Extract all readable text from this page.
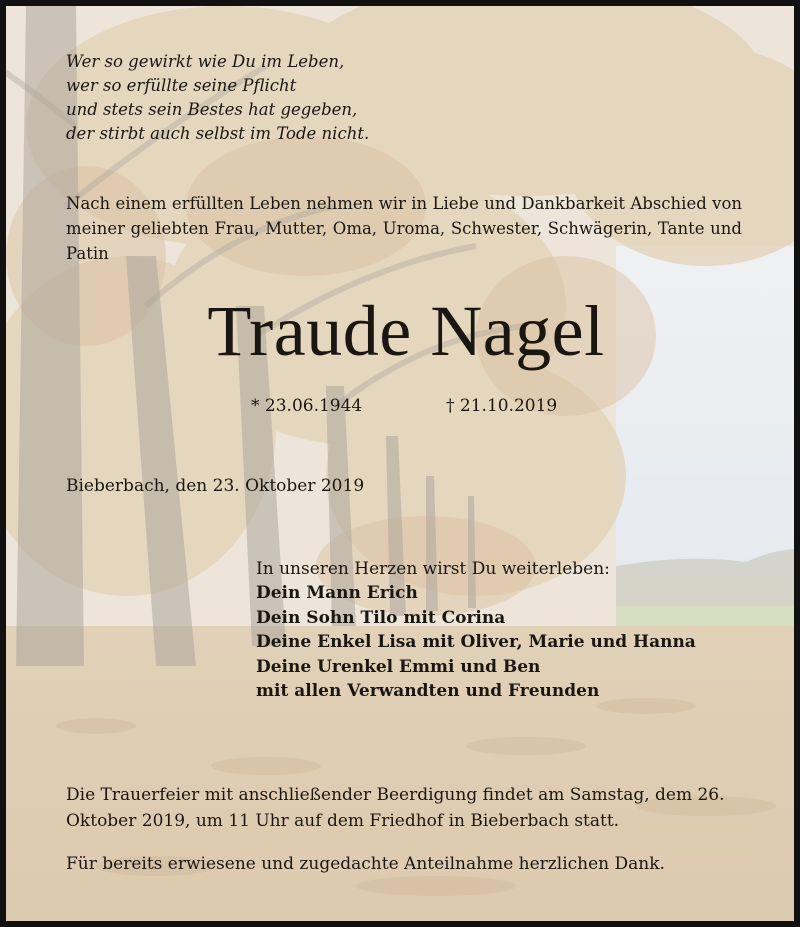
Wer so gewirkt wie Du im Leben,
wer so erfüllte seine Pflicht
und stets sein Bestes hat gegeben,
der stirbt auch selbst im Tode nicht.

Nach einem erfüllten Leben nehmen wir in Liebe und Dankbarkeit Abschied von meiner geliebten Frau, Mutter, Oma, Uroma, Schwester, Schwägerin, Tante und Patin

Traude Nagel
* 23.06.1944	† 21.10.2019
Bieberbach, den 23. Oktober 2019
In unseren Herzen wirst Du weiterleben:
Dein Mann Erich
Dein Sohn Tilo mit Corina
Deine Enkel Lisa mit Oliver, Marie und Hanna
Deine Urenkel Emmi und Ben
mit allen Verwandten und Freunden

Die Trauerfeier mit anschließender Beerdigung findet am Samstag, dem 26. Oktober 2019, um 11 Uhr auf dem Friedhof in Bieberbach statt.

Für bereits erwiesene und zugedachte Anteilnahme herzlichen Dank.
